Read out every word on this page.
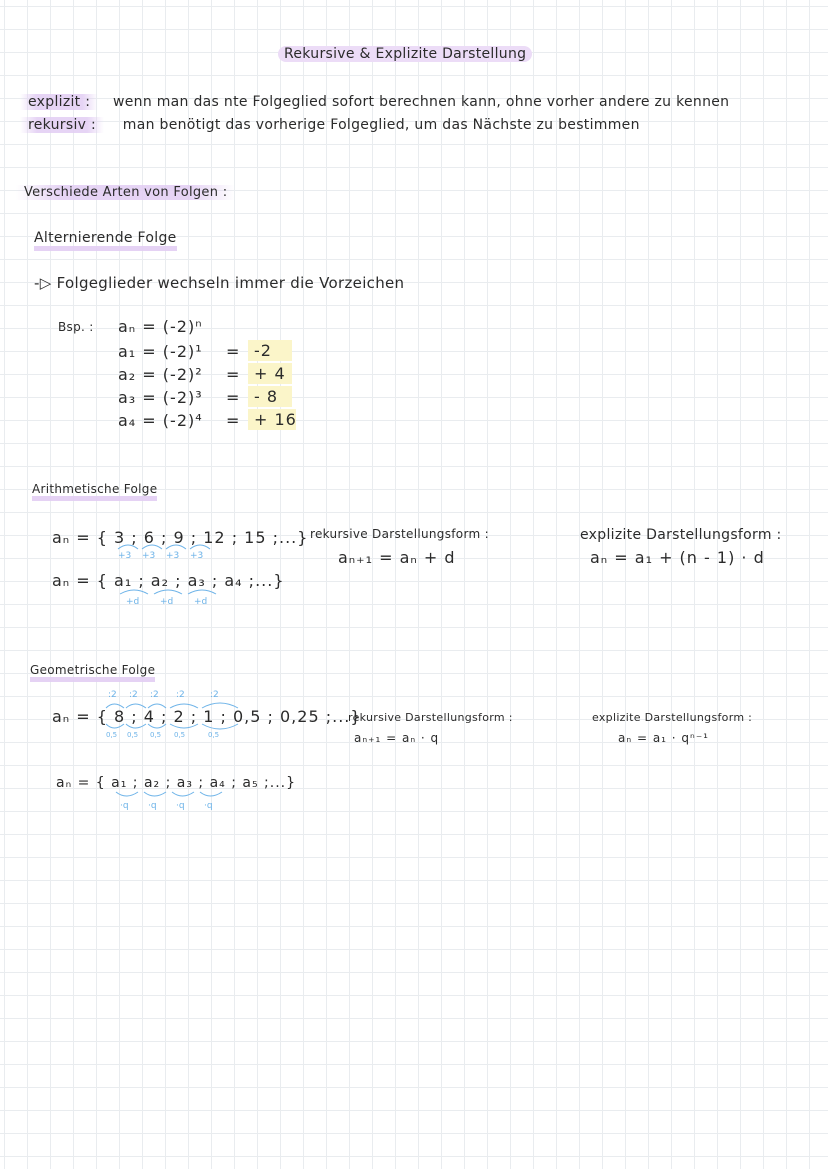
Rekursive & Explizite Darstellung
explizit : wenn man das nte Folgeglied sofort berechnen kann, ohne vorher andere zu kennen
rekursiv : man benötigt das vorherige Folgeglied, um das Nächste zu bestimmen
Verschiede Arten von Folgen :
Alternierende Folge
-▷ Folgeglieder wechseln immer die Vorzeichen
Bsp. : aₙ = (-2)ⁿ
a₁ = (-2)¹ = -2
a₂ = (-2)² = + 4
a₃ = (-2)³ = - 8
a₄ = (-2)⁴ = + 16
Arithmetische Folge
aₙ = { 3 ; 6 ; 9 ; 12 ; 15 ;...}
+3 +3 +3 +3
aₙ = { a₁ ; a₂ ; a₃ ; a₄ ;...}
+d +d +d
rekursive Darstellungsform :
aₙ₊₁ = aₙ + d
explizite Darstellungsform :
aₙ = a₁ + (n - 1) · d
Geometrische Folge
:2 :2 :2 :2	:2
aₙ = { 8 ; 4 ; 2 ; 1 ; 0,5 ; 0,25 ;...}
0,5 0,5 0,5 0,5	0,5
aₙ = { a₁ ; a₂ ; a₃ ; a₄ ; a₅ ;...}
·q ·q ·q ·q
rekursive Darstellungsform :
aₙ₊₁ = aₙ · q
explizite Darstellungsform :
aₙ = a₁ · qⁿ⁻¹
